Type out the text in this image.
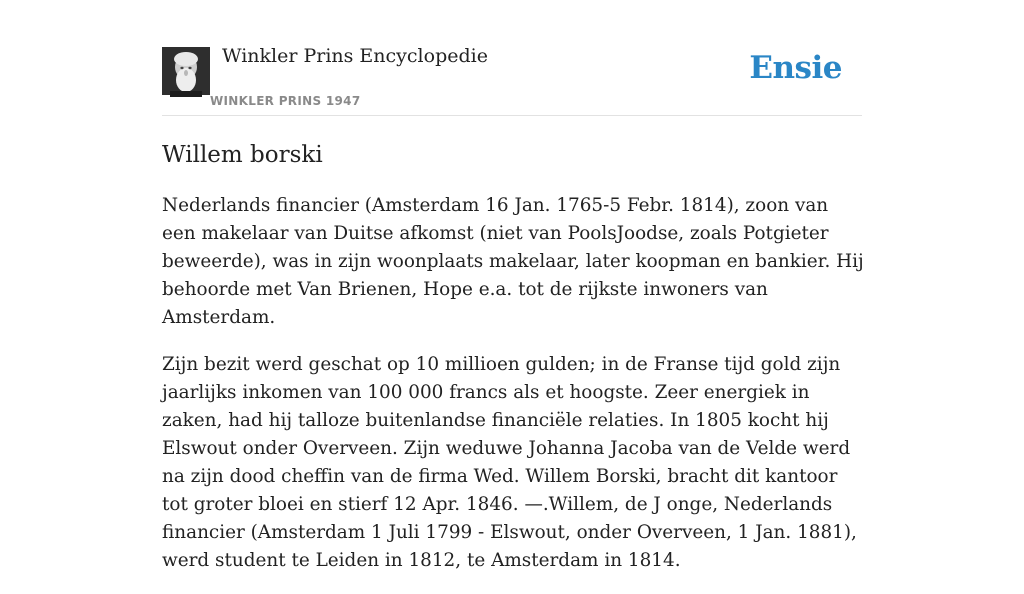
Winkler Prins Encyclopedie
WINKLER PRINS 1947
Ensie
Willem borski

Nederlands financier (Amsterdam 16 Jan. 1765-5 Febr. 1814), zoon van een makelaar van Duitse afkomst (niet van PoolsJoodse, zoals Potgieter beweerde), was in zijn woonplaats makelaar, later koopman en bankier. Hij behoorde met Van Brienen, Hope e.a. tot de rijkste inwoners van Amsterdam.

Zijn bezit werd geschat op 10 millioen gulden; in de Franse tijd gold zijn jaarlijks inkomen van 100 000 francs als et hoogste. Zeer energiek in zaken, had hij talloze buitenlandse financiële relaties. In 1805 kocht hij Elswout onder Overveen. Zijn weduwe Johanna Jacoba van de Velde werd na zijn dood cheffin van de firma Wed. Willem Borski, bracht dit kantoor tot groter bloei en stierf 12 Apr. 1846. —.Willem, de J onge, Nederlands financier (Amsterdam 1 Juli 1799 - Elswout, onder Overveen, 1 Jan. 1881), werd student te Leiden in 1812, te Amsterdam in 1814.
